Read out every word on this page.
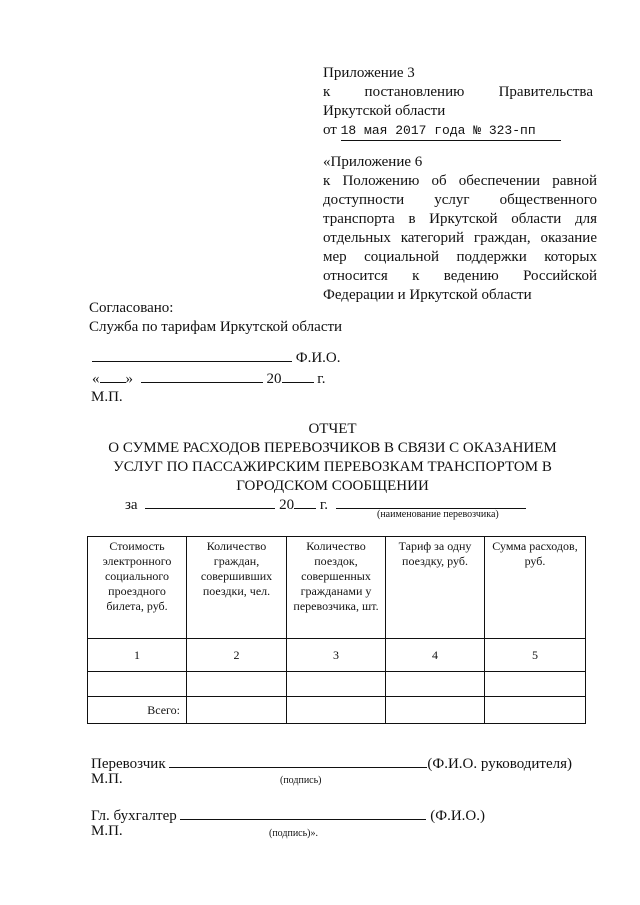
Приложение 3
к постановлению Правительства
Иркутской области
от 18 мая 2017 года № 323-пп
«Приложение 6
к Положению об обеспечении равной
доступности услуг общественного
транспорта в Иркутской области для
отдельных категорий граждан, оказание
мер социальной поддержки которых
относится к ведению Российской
Федерации и Иркутской области
Согласовано:
Служба по тарифам Иркутской области
Ф.И.О.
« »	20 г.
М.П.
ОТЧЕТ
О СУММЕ РАСХОДОВ ПЕРЕВОЗЧИКОВ В СВЯЗИ С ОКАЗАНИЕМ
УСЛУГ ПО ПАССАЖИРСКИМ ПЕРЕВОЗКАМ ТРАНСПОРТОМ В
ГОРОДСКОМ СООБЩЕНИИ
за	20 г.
(наименование перевозчика)
Стоимость электронного социального проездного билета, руб.	Количество граждан, совершивших поездки, чел.	Количество поездок, совершенных гражданами у перевозчика, шт.	Тариф за одну поездку, руб.	Сумма расходов, руб.
1	2	3	4	5

Всего:				
Перевозчик	(Ф.И.О. руководителя)
М.П.	(подпись)
Гл. бухгалтер	(Ф.И.О.)
М.П.	(подпись)».
